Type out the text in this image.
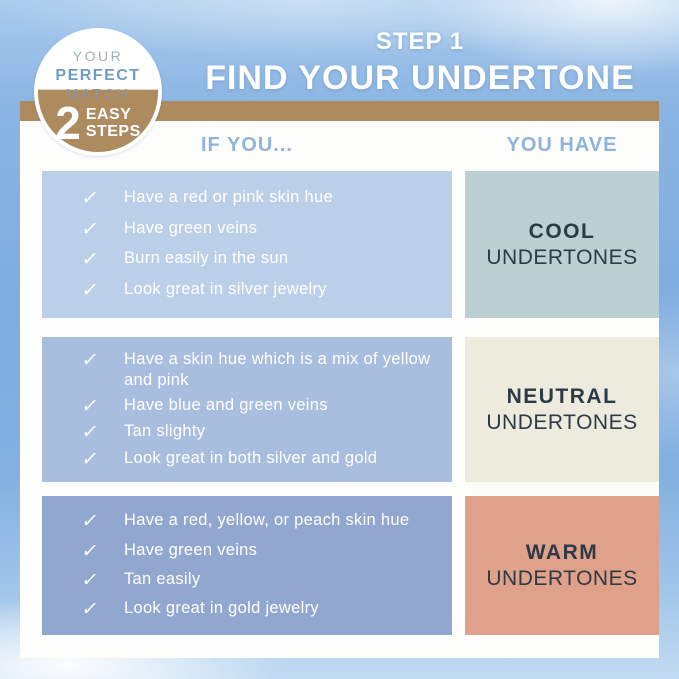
IF YOU...	YOU HAVE
✓	Have a red or pink skin hue
✓	Have green veins
✓	Burn easily in the sun
✓	Look great in silver jewelry
COOL
UNDERTONES
✓	Have a skin hue which is a mix of yellow and pink
✓	Have blue and green veins
✓	Tan slighty
✓	Look great in both silver and gold
NEUTRAL
UNDERTONES
✓	Have a red, yellow, or peach skin hue
✓	Have green veins
✓	Tan easily
✓	Look great in gold jewelry
WARM
UNDERTONES
YOUR
PERFECT
MATCH
2 EASY
STEPS
STEP 1
FIND YOUR UNDERTONE
